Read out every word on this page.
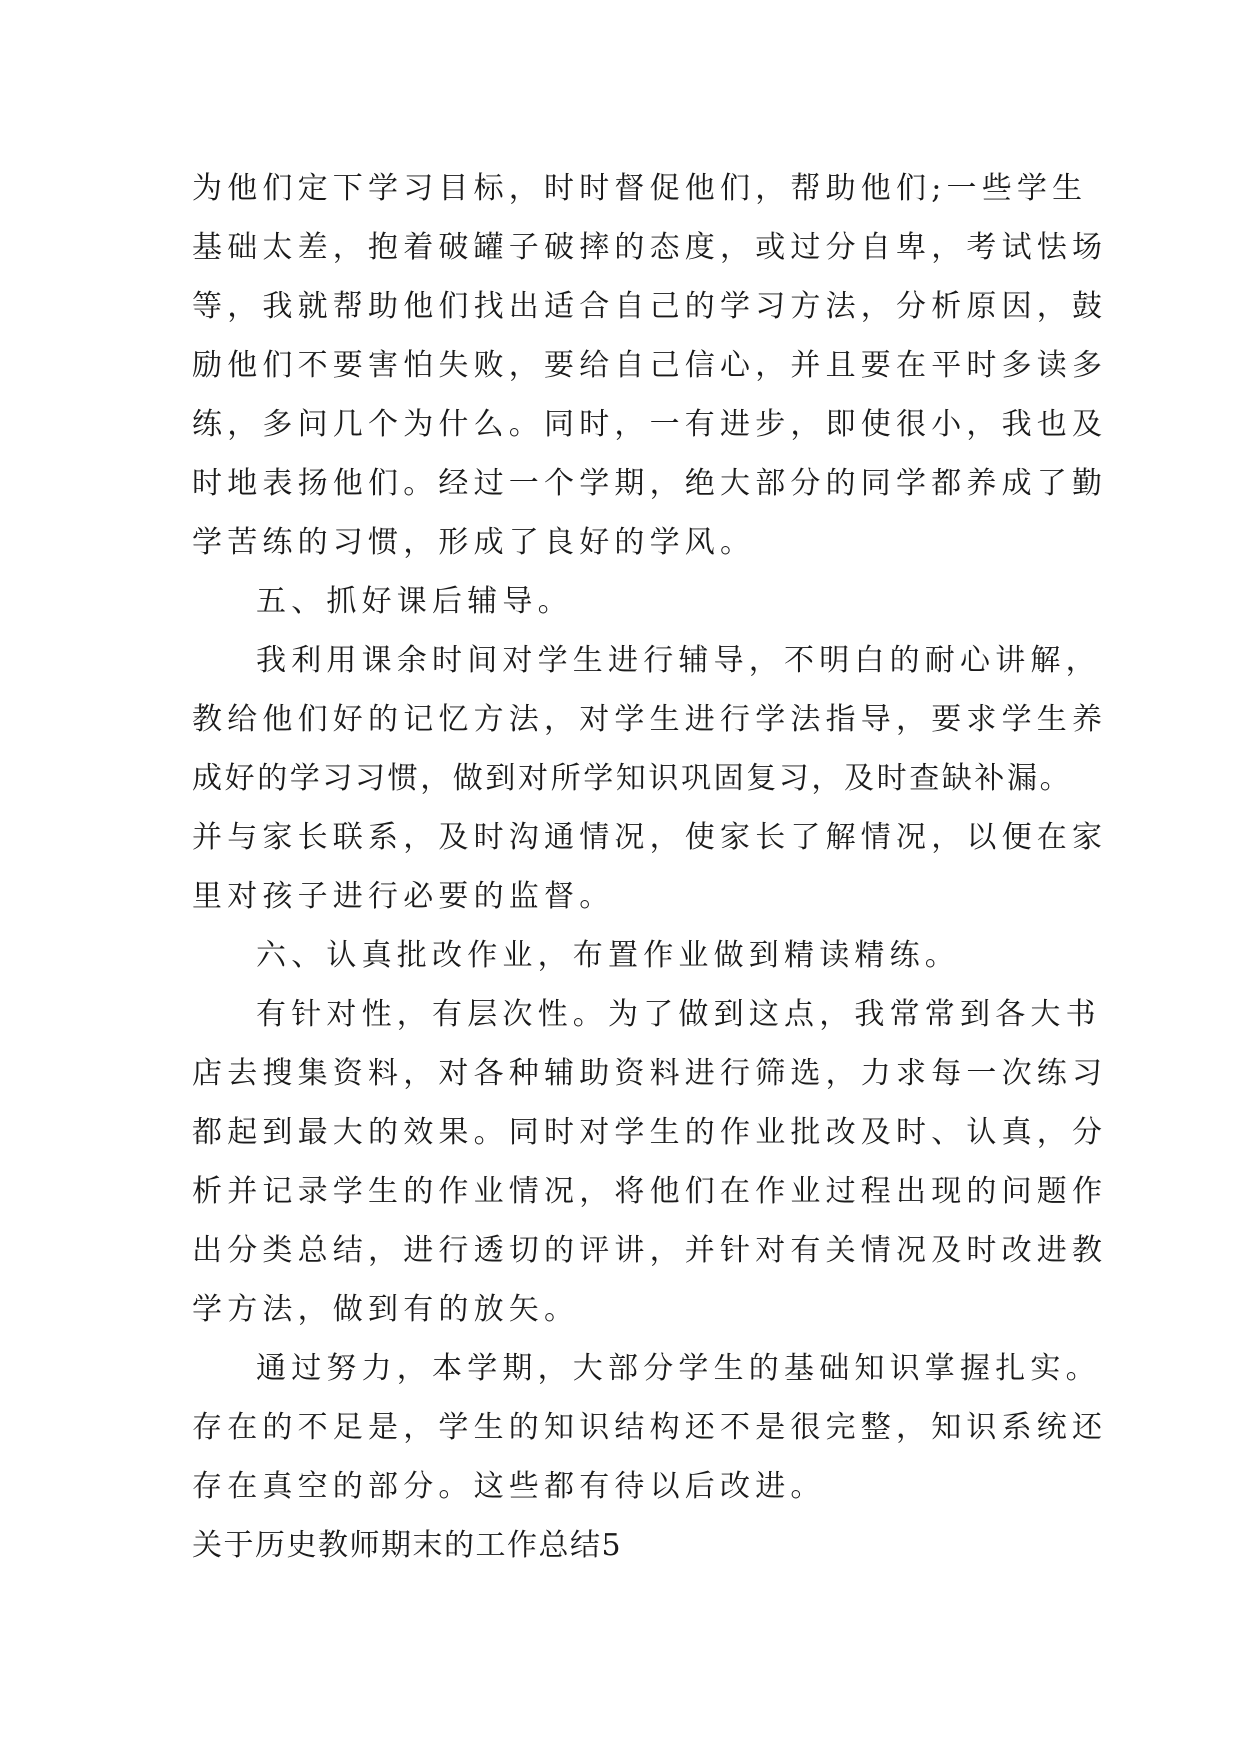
为他们定下学习目标，时时督促他们，帮助他们;一些学生
基础太差，抱着破罐子破摔的态度，或过分自卑，考试怯场
等，我就帮助他们找出适合自己的学习方法，分析原因，鼓
励他们不要害怕失败，要给自己信心，并且要在平时多读多
练，多问几个为什么。同时，一有进步，即使很小，我也及
时地表扬他们。经过一个学期，绝大部分的同学都养成了勤
学苦练的习惯，形成了良好的学风。
五、抓好课后辅导。
我利用课余时间对学生进行辅导，不明白的耐心讲解，
教给他们好的记忆方法，对学生进行学法指导，要求学生养
成好的学习习惯，做到对所学知识巩固复习，及时查缺补漏。
并与家长联系，及时沟通情况，使家长了解情况，以便在家
里对孩子进行必要的监督。
六、认真批改作业，布置作业做到精读精练。
有针对性，有层次性。为了做到这点，我常常到各大书
店去搜集资料，对各种辅助资料进行筛选，力求每一次练习
都起到最大的效果。同时对学生的作业批改及时、认真，分
析并记录学生的作业情况，将他们在作业过程出现的问题作
出分类总结，进行透切的评讲，并针对有关情况及时改进教
学方法，做到有的放矢。
通过努力，本学期，大部分学生的基础知识掌握扎实。
存在的不足是，学生的知识结构还不是很完整，知识系统还
存在真空的部分。这些都有待以后改进。
关于历史教师期末的工作总结5
